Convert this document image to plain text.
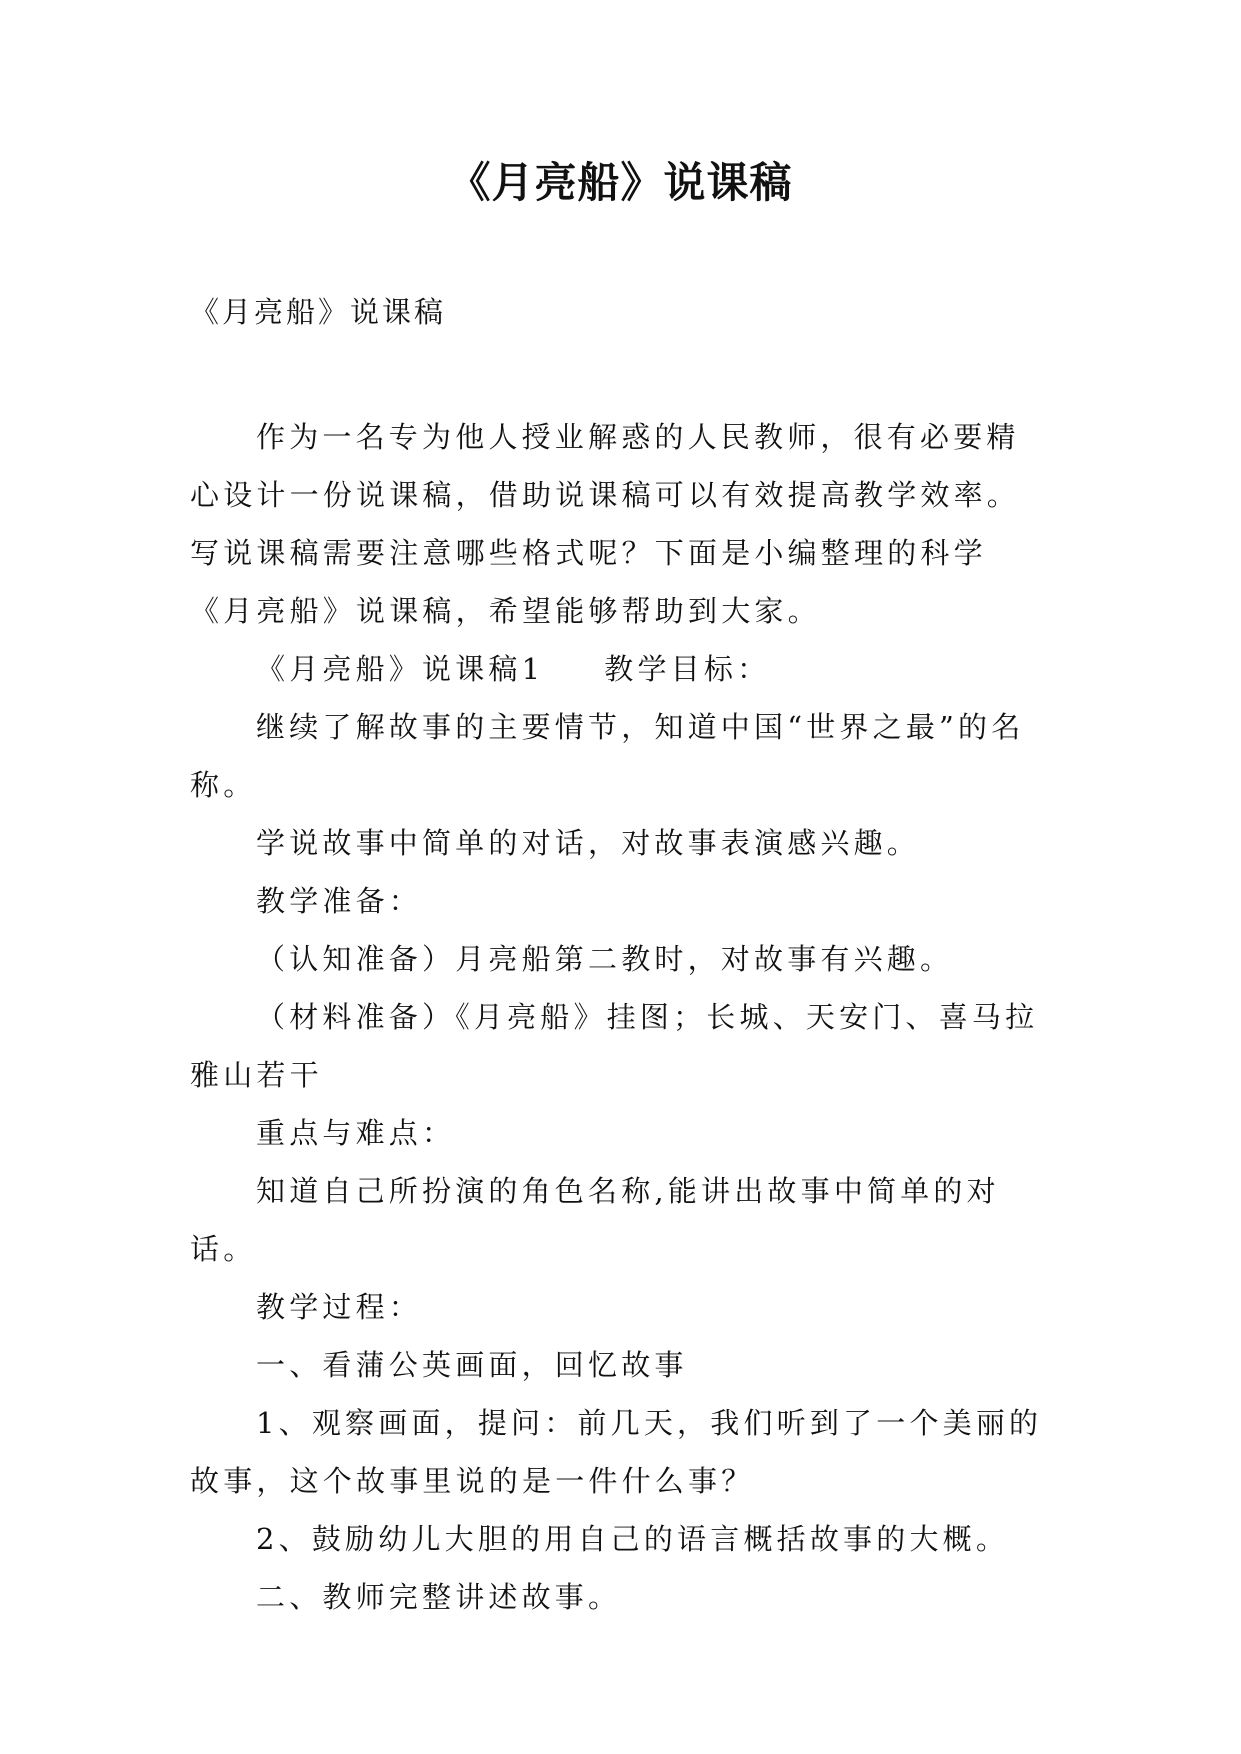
《月亮船》说课稿
《月亮船》说课稿

作为一名专为他人授业解惑的人民教师，很有必要精心设计一份说课稿，借助说课稿可以有效提高教学效率。写说课稿需要注意哪些格式呢？下面是小编整理的科学《月亮船》说课稿，希望能够帮助到大家。

《月亮船》说课稿1 教学目标：

继续了解故事的主要情节，知道中国“世界之最”的名称。

学说故事中简单的对话，对故事表演感兴趣。

教学准备：

（认知准备）月亮船第二教时，对故事有兴趣。

（材料准备）《月亮船》挂图；长城、天安门、喜马拉雅山若干

重点与难点：

知道自己所扮演的角色名称,能讲出故事中简单的对话。

教学过程：

一、看蒲公英画面，回忆故事

1、观察画面，提问：前几天，我们听到了一个美丽的故事，这个故事里说的是一件什么事？

2、鼓励幼儿大胆的用自己的语言概括故事的大概。

二、教师完整讲述故事。
